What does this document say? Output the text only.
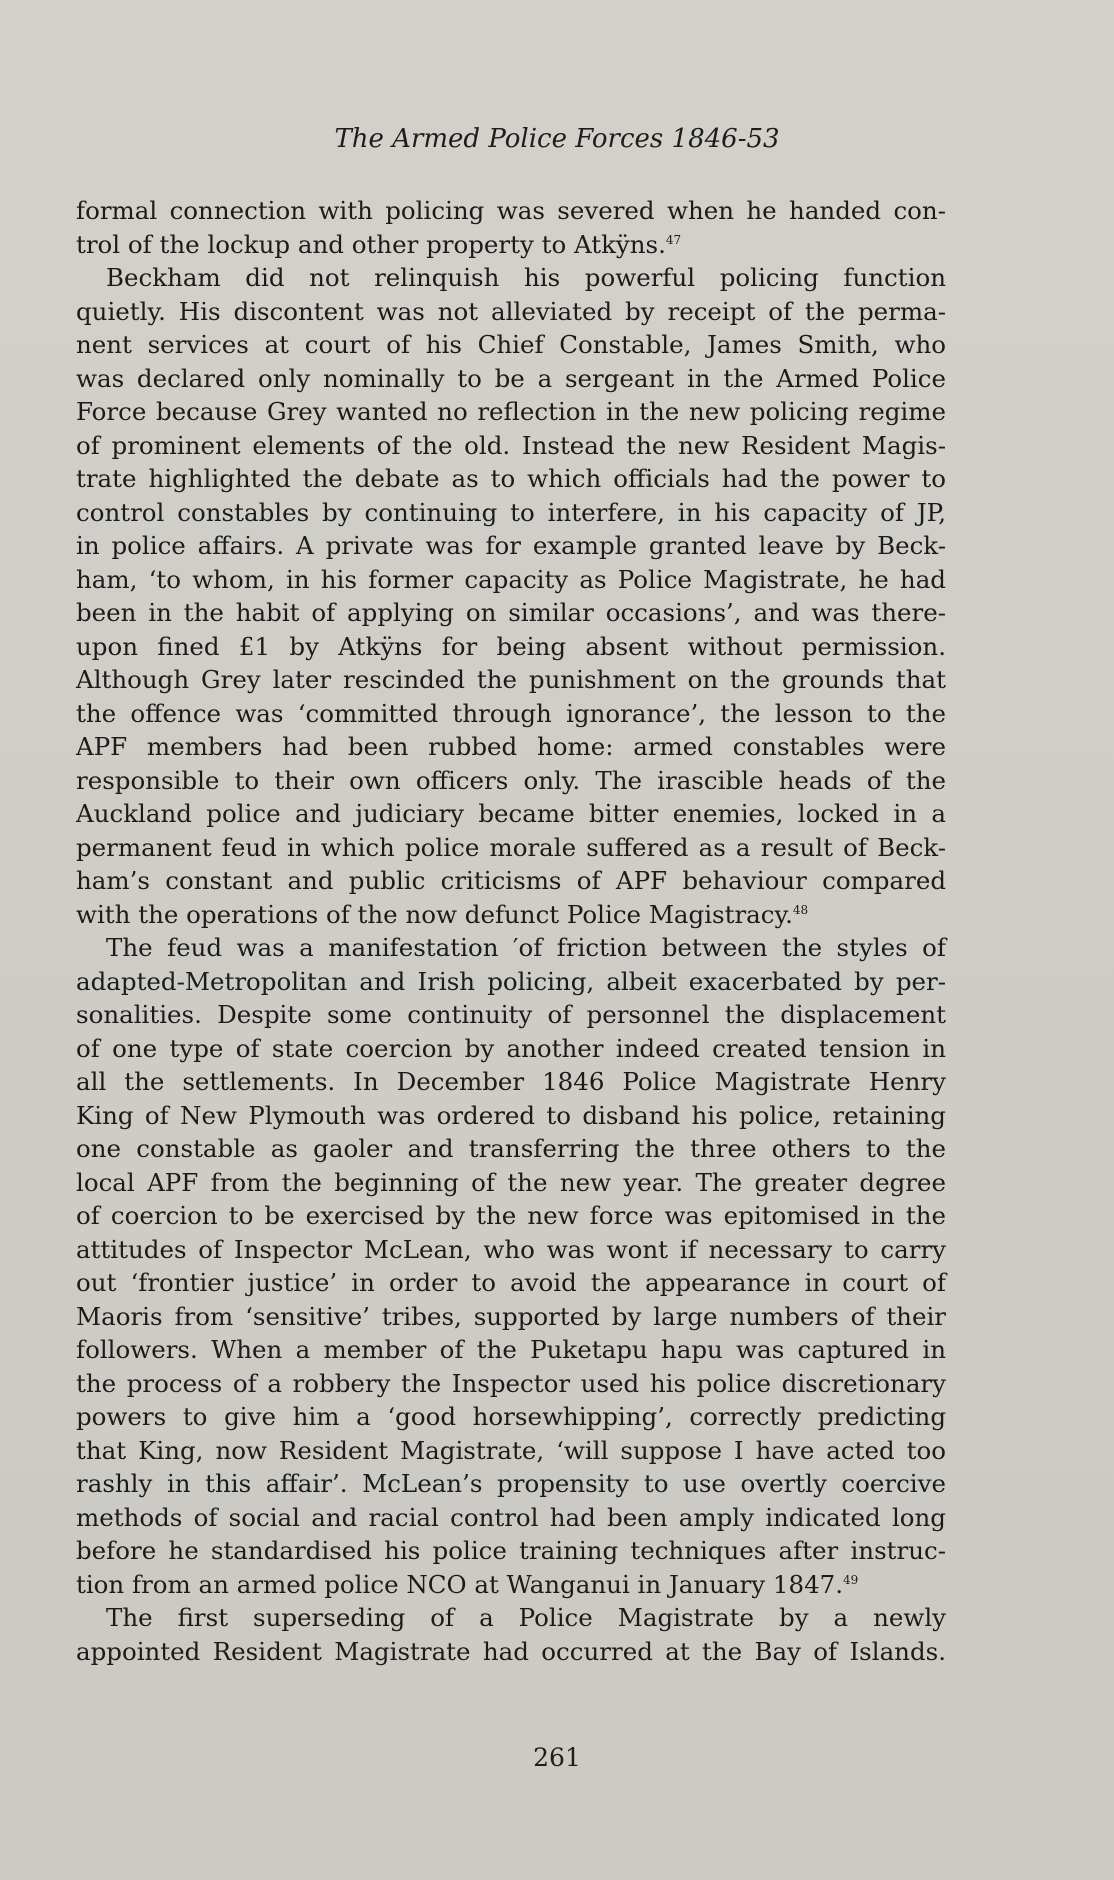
The Armed Police Forces 1846-53
formal connection with policing was severed when he handed con-
trol of the lockup and other property to Atkÿns.$^{47}$
Beckham did not relinquish his powerful policing function
quietly. His discontent was not alleviated by receipt of the perma-
nent services at court of his Chief Constable, James Smith, who
was declared only nominally to be a sergeant in the Armed Police
Force because Grey wanted no reflection in the new policing regime
of prominent elements of the old. Instead the new Resident Magis-
trate highlighted the debate as to which officials had the power to
control constables by continuing to interfere, in his capacity of JP,
in police affairs. A private was for example granted leave by Beck-
ham, ‘to whom, in his former capacity as Police Magistrate, he had
been in the habit of applying on similar occasions’, and was there-
upon fined £1 by Atkÿns for being absent without permission.
Although Grey later rescinded the punishment on the grounds that
the offence was ‘committed through ignorance’, the lesson to the
APF members had been rubbed home: armed constables were
responsible to their own officers only. The irascible heads of the
Auckland police and judiciary became bitter enemies, locked in a
permanent feud in which police morale suffered as a result of Beck-
ham’s constant and public criticisms of APF behaviour compared
with the operations of the now defunct Police Magistracy.$^{48}$
The feud was a manifestation ′of friction between the styles of
adapted-Metropolitan and Irish policing, albeit exacerbated by per-
sonalities. Despite some continuity of personnel the displacement
of one type of state coercion by another indeed created tension in
all the settlements. In December 1846 Police Magistrate Henry
King of New Plymouth was ordered to disband his police, retaining
one constable as gaoler and transferring the three others to the
local APF from the beginning of the new year. The greater degree
of coercion to be exercised by the new force was epitomised in the
attitudes of Inspector McLean, who was wont if necessary to carry
out ‘frontier justice’ in order to avoid the appearance in court of
Maoris from ‘sensitive’ tribes, supported by large numbers of their
followers. When a member of the Puketapu hapu was captured in
the process of a robbery the Inspector used his police discretionary
powers to give him a ‘good horsewhipping’, correctly predicting
that King, now Resident Magistrate, ‘will suppose I have acted too
rashly in this affair’. McLean’s propensity to use overtly coercive
methods of social and racial control had been amply indicated long
before he standardised his police training techniques after instruc-
tion from an armed police NCO at Wanganui in January 1847.49
The first superseding of a Police Magistrate by a newly
appointed Resident Magistrate had occurred at the Bay of Islands.
261
